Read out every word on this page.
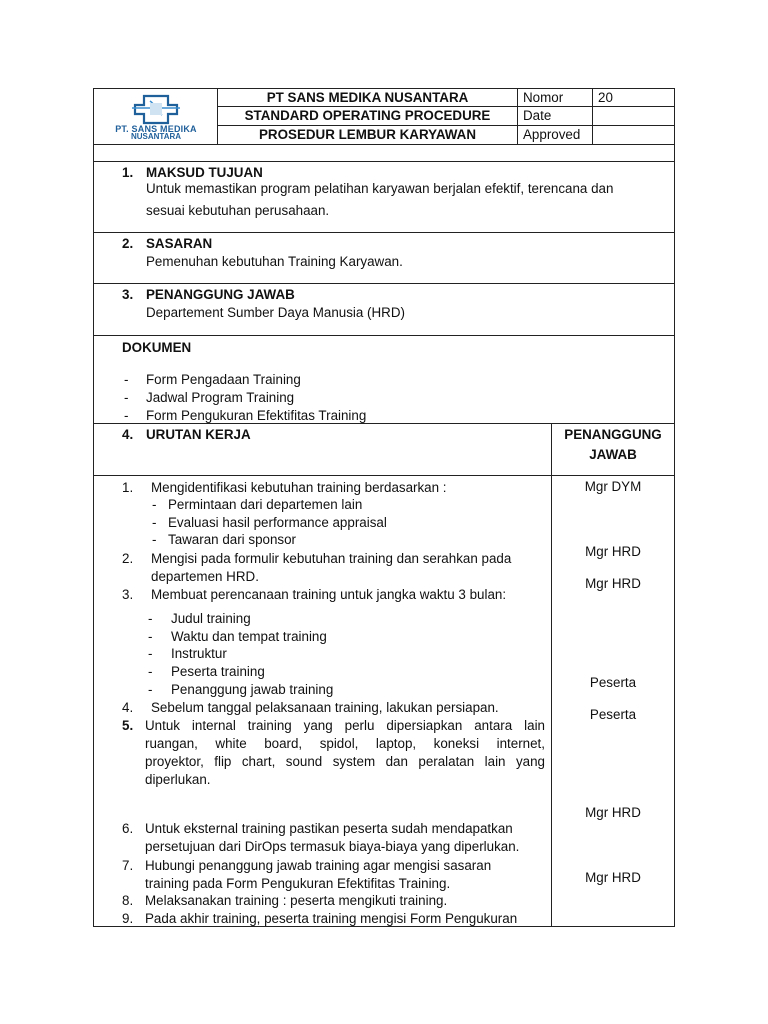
PT. SANS MEDIKA
NUSANTARA
PT SANS MEDIKA NUSANTARA
STANDARD OPERATING PROCEDURE
PROSEDUR LEMBUR KARYAWAN
Nomor	20
Date
Approved
1. MAKSUD TUJUAN
Untuk memastikan program pelatihan karyawan berjalan efektif, terencana dan
sesuai kebutuhan perusahaan.
2. SASARAN
Pemenuhan kebutuhan Training Karyawan.
3. PENANGGUNG JAWAB
Departement Sumber Daya Manusia (HRD)
DOKUMEN
- Form Pengadaan Training
- Jadwal Program Training
- Form Pengukuran Efektifitas Training
4. URUTAN KERJA	PENANGGUNG
JAWAB
1. Mengidentifikasi kebutuhan training berdasarkan :
- Permintaan dari departemen lain
- Evaluasi hasil performance appraisal
- Tawaran dari sponsor
2. Mengisi pada formulir kebutuhan training dan serahkan pada
departemen HRD.
3. Membuat perencanaan training untuk jangka waktu 3 bulan:
- Judul training
- Waktu dan tempat training
- Instruktur
- Peserta training
- Penanggung jawab training
4. Sebelum tanggal pelaksanaan training, lakukan persiapan.
5. Untuk internal training yang perlu dipersiapkan antara lain
ruangan, white board, spidol, laptop, koneksi internet,
proyektor, flip chart, sound system dan peralatan lain yang
diperlukan.
6. Untuk eksternal training pastikan peserta sudah mendapatkan
persetujuan dari DirOps termasuk biaya-biaya yang diperlukan.
7. Hubungi penanggung jawab training agar mengisi sasaran
training pada Form Pengukuran Efektifitas Training.
8. Melaksanakan training : peserta mengikuti training.
9. Pada akhir training, peserta training mengisi Form Pengukuran
Mgr DYM
Mgr HRD
Mgr HRD
Peserta
Peserta
Mgr HRD
Mgr HRD
